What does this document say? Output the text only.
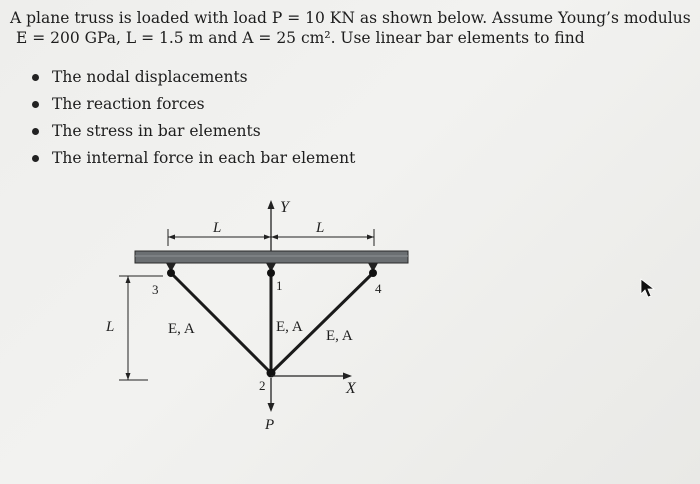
A plane truss is loaded with load P = 10 KN as shown below. Assume Young’s modulus

E = 200 GPa, L = 1.5 m and A = 25 cm². Use linear bar elements to find

The nodal displacements
The reaction forces
The stress in bar elements
The internal force in each bar element
Y
L	L
3	1	4
2
L	E, A	E, A
E, A
X
P
